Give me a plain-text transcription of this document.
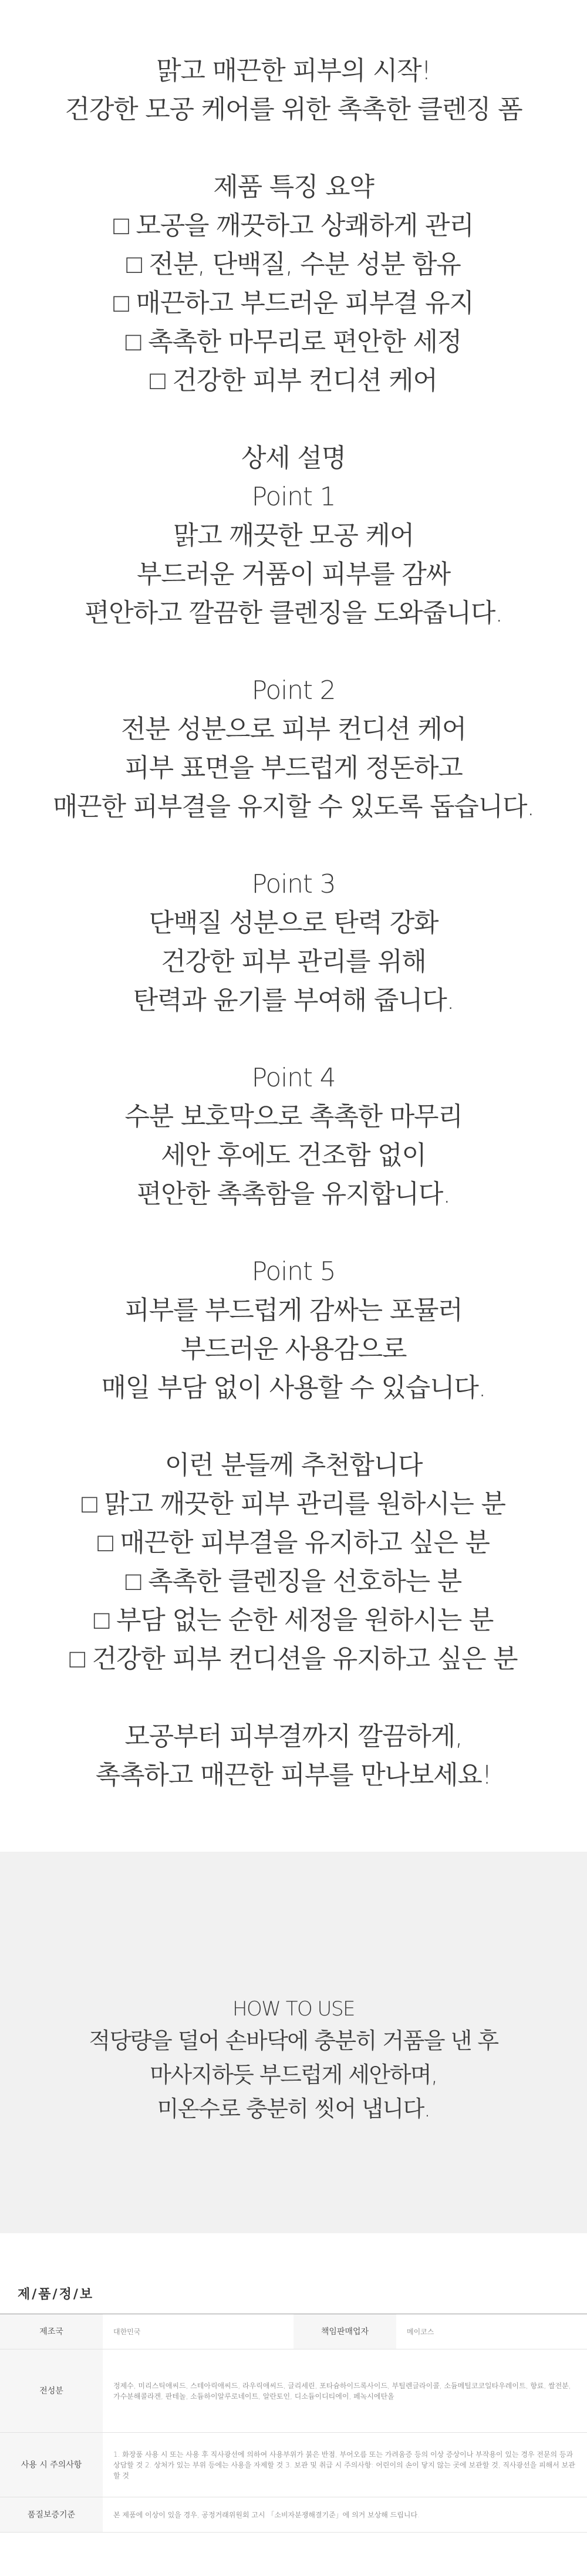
맑고 매끈한 피부의 시작!
건강한 모공 케어를 위한 촉촉한 클렌징 폼
제품 특징 요약
□ 모공을 깨끗하고 상쾌하게 관리
□ 전분, 단백질, 수분 성분 함유
□ 매끈하고 부드러운 피부결 유지
□ 촉촉한 마무리로 편안한 세정
□ 건강한 피부 컨디션 케어
상세 설명
Point 1
맑고 깨끗한 모공 케어
부드러운 거품이 피부를 감싸
편안하고 깔끔한 클렌징을 도와줍니다.
Point 2
전분 성분으로 피부 컨디션 케어
피부 표면을 부드럽게 정돈하고
매끈한 피부결을 유지할 수 있도록 돕습니다.
Point 3
단백질 성분으로 탄력 강화
건강한 피부 관리를 위해
탄력과 윤기를 부여해 줍니다.
Point 4
수분 보호막으로 촉촉한 마무리
세안 후에도 건조함 없이
편안한 촉촉함을 유지합니다.
Point 5
피부를 부드럽게 감싸는 포뮬러
부드러운 사용감으로
매일 부담 없이 사용할 수 있습니다.
이런 분들께 추천합니다
□ 맑고 깨끗한 피부 관리를 원하시는 분
□ 매끈한 피부결을 유지하고 싶은 분
□ 촉촉한 클렌징을 선호하는 분
□ 부담 없는 순한 세정을 원하시는 분
□ 건강한 피부 컨디션을 유지하고 싶은 분
모공부터 피부결까지 깔끔하게,
촉촉하고 매끈한 피부를 만나보세요!
HOW TO USE
적당량을 덜어 손바닥에 충분히 거품을 낸 후
마사지하듯 부드럽게 세안하며,
미온수로 충분히 씻어 냅니다.
제/품/정/보
제조국	대한민국	책임판매업자	메이코스
전성분	정제수, 미리스틱애씨드, 스테아릭애씨드, 라우릭애씨드, 글리세린, 포타슘하이드록사이드, 부틸렌글라이콜, 소듐메틸코코일타우레이트, 향료, 쌀전분, 가수분해콜라겐, 판테놀, 소듐하이알루로네이트, 알란토인, 디소듐이디티에이, 페녹시에탄올		
사용 시 주의사항	1. 화장품 사용 시 또는 사용 후 직사광선에 의하여 사용부위가 붉은 반점, 부어오름 또는 가려움증 등의 이상 증상이나 부작용이 있는 경우 전문의 등과 상담할 것 2. 상처가 있는 부위 등에는 사용을 자제할 것 3. 보관 및 취급 시 주의사항: 어린이의 손이 닿지 않는 곳에 보관할 것, 직사광선을 피해서 보관할 것		
품질보증기준	본 제품에 이상이 있을 경우, 공정거래위원회 고시 「소비자분쟁해결기준」에 의거 보상해 드립니다.		
